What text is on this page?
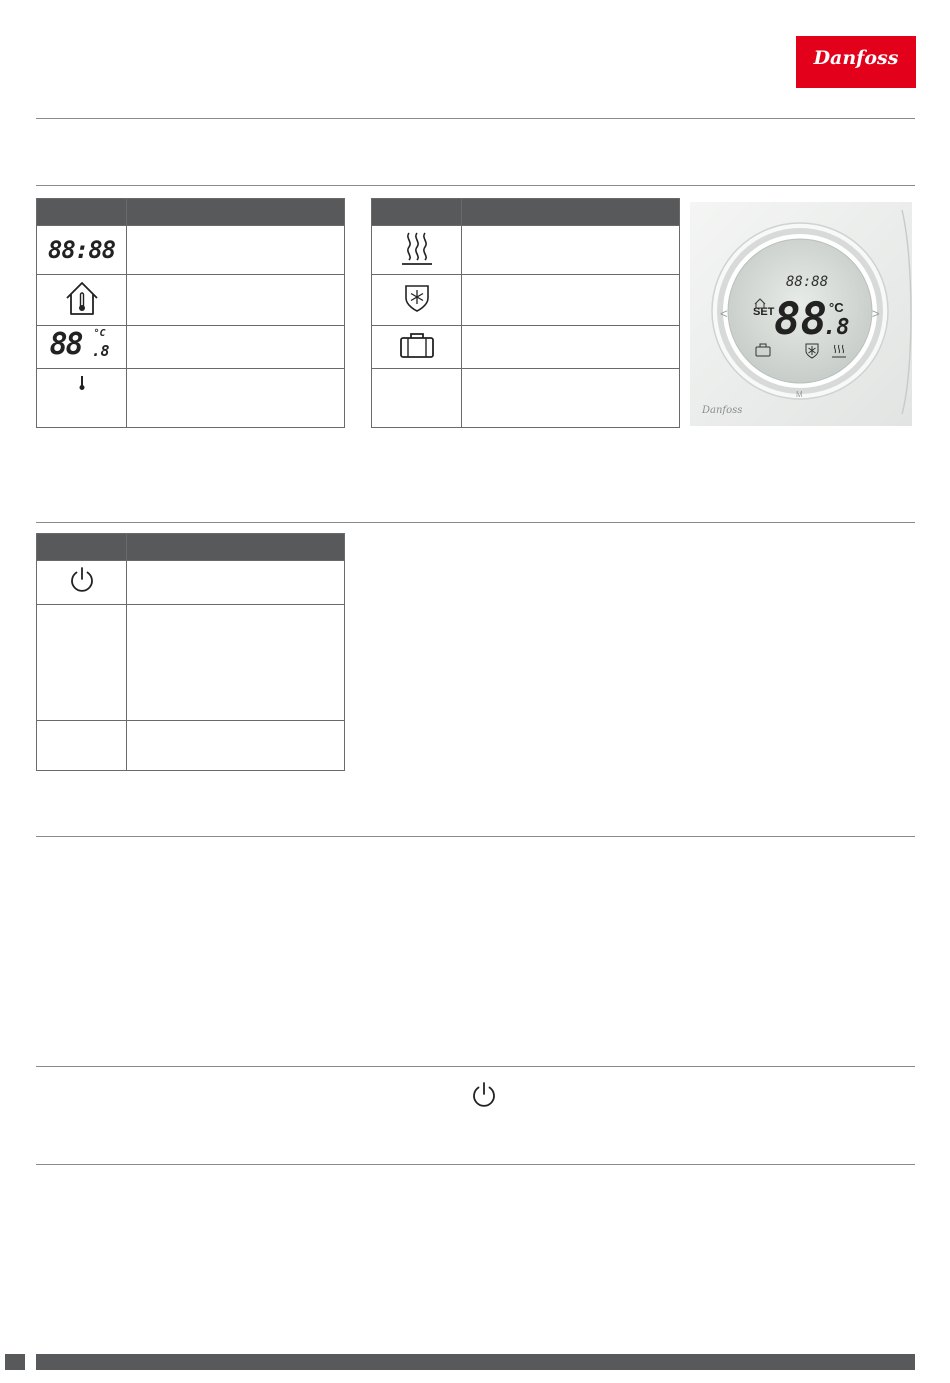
Danfoss

88:88	

88 °C
.8	

88:88
SET 88 °C
.8
<	>
M
Danfoss
